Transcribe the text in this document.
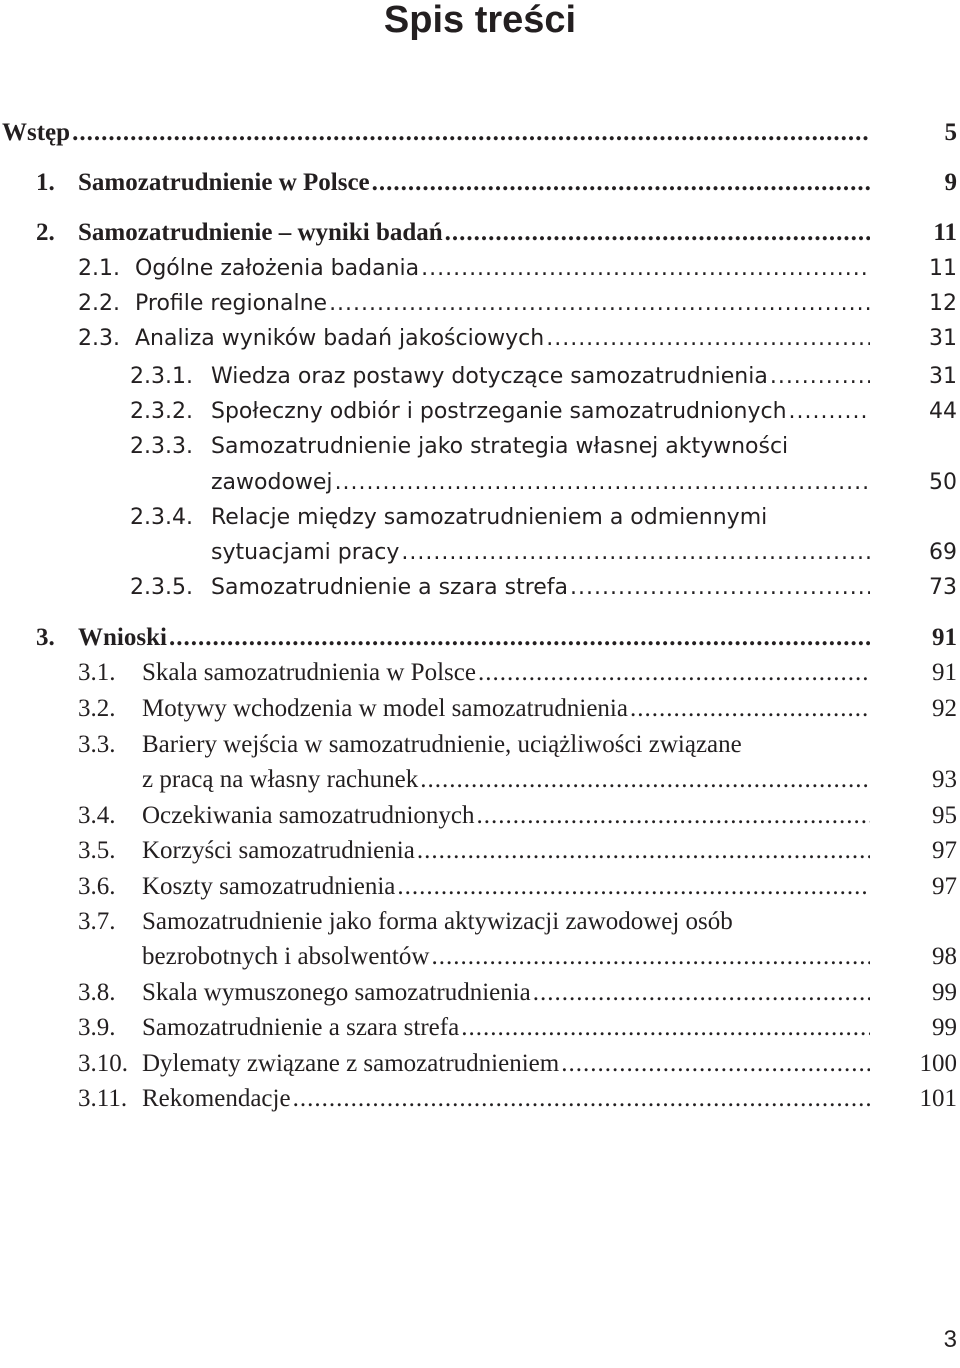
Spis treści
Wstęp .....	5
1. Samozatrudnienie w Polsce .....	9
2. Samozatrudnienie – wyniki badań .....	11
2.1. Ogólne założenia badania .....	11
2.2. Profile regionalne .....	12
2.3. Analiza wyników badań jakościowych .....	31
2.3.1. Wiedza oraz postawy dotyczące samozatrudnienia .....	31
2.3.2. Społeczny odbiór i postrzeganie samozatrudnionych .....	44
2.3.3. Samozatrudnienie jako strategia własnej aktywności
zawodowej .....	50
2.3.4. Relacje między samozatrudnieniem a odmiennymi
sytuacjami pracy .....	69
2.3.5. Samozatrudnienie a szara strefa .....	73
3. Wnioski .....	91
3.1. Skala samozatrudnienia w Polsce .....	91
3.2. Motywy wchodzenia w model samozatrudnienia .....	92
3.3. Bariery wejścia w samozatrudnienie, uciążliwości związane
z pracą na własny rachunek .....	93
3.4. Oczekiwania samozatrudnionych .....	95
3.5. Korzyści samozatrudnienia .....	97
3.6. Koszty samozatrudnienia .....	97
3.7. Samozatrudnienie jako forma aktywizacji zawodowej osób
bezrobotnych i absolwentów .....	98
3.8. Skala wymuszonego samozatrudnienia .....	99
3.9. Samozatrudnienie a szara strefa .....	99
3.10. Dylematy związane z samozatrudnieniem .....	100
3.11. Rekomendacje .....	101
3
